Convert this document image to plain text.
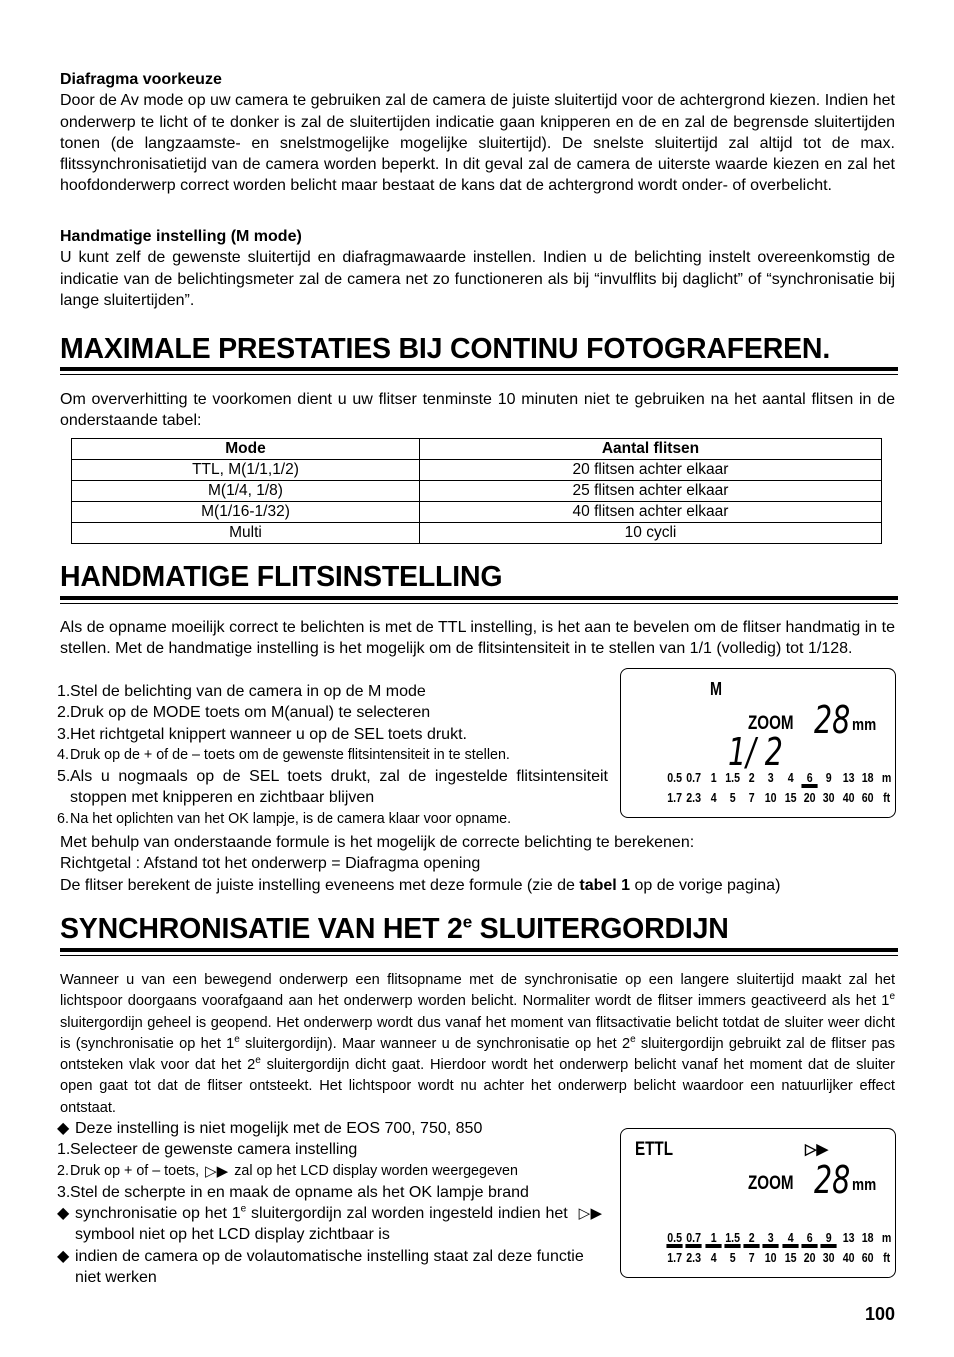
Diafragma voorkeuze
Door de Av mode op uw camera te gebruiken zal de camera de juiste sluitertijd voor de achtergrond kiezen. Indien het onderwerp te licht of te donker is zal de sluitertijden indicatie gaan knipperen en de en zal de begrensde sluitertijden tonen (de langzaamste- en snelstmogelijke mogelijke sluitertijd). De snelste sluitertijd zal altijd tot de max. flitssynchronisatietijd van de camera worden beperkt. In dit geval zal de camera de uiterste waarde kiezen en zal het hoofdonderwerp correct worden belicht maar bestaat de kans dat de achtergrond wordt onder- of overbelicht.
Handmatige instelling (M mode)
U kunt zelf de gewenste sluitertijd en diafragmawaarde instellen. Indien u de belichting instelt overeenkomstig de indicatie van de belichtingsmeter zal de camera net zo functioneren als bij “invulflits bij daglicht” of “synchronisatie bij lange sluitertijden”.
MAXIMALE PRESTATIES BIJ CONTINU FOTOGRAFEREN.
Om oververhitting te voorkomen dient u uw flitser tenminste 10 minuten niet te gebruiken na het aantal flitsen in de onderstaande tabel:
Mode	Aantal flitsen
TTL, M(1/1,1/2)	20 flitsen achter elkaar
M(1/4, 1/8)	25 flitsen achter elkaar
M(1/16-1/32)	40 flitsen achter elkaar
Multi	10 cycli
HANDMATIGE FLITSINSTELLING
Als de opname moeilijk correct te belichten is met de TTL instelling, is het aan te bevelen om de flitser handmatig in te stellen. Met de handmatige instelling is het mogelijk om de flitsintensiteit in te stellen van 1/1 (volledig) tot 1/128.
1. Stel de belichting van de camera in op de M mode
2. Druk op de MODE toets om M(anual) te selecteren
3. Het richtgetal knippert wanneer u op de SEL toets drukt.
4. Druk op de + of de – toets om de gewenste flitsintensiteit in te stellen.
5. Als u nogmaals op de SEL toets drukt, zal de ingestelde flitsintensiteit stoppen met knipperen en zichtbaar blijven
6. Na het oplichten van het OK lampje, is de camera klaar voor opname.
M
ZOOM 28 mm
1/ 2
0.5 0.7 1 1.5 2	3	4	6	9 13 18 m
1.7 2.3 4	5	7 10 15 20 30 40 60 ft
Met behulp van onderstaande formule is het mogelijk de correcte belichting te berekenen:
Richtgetal : Afstand tot het onderwerp = Diafragma opening
De flitser berekent de juiste instelling eveneens met deze formule (zie de tabel 1 op de vorige pagina)
SYNCHRONISATIE VAN HET 2e SLUITERGORDIJN
Wanneer u van een bewegend onderwerp een flitsopname met de synchronisatie op een langere sluitertijd maakt zal het lichtspoor doorgaans voorafgaand aan het onderwerp worden belicht. Normaliter wordt de flitser immers geactiveerd als het 1e sluitergordijn geheel is geopend. Het onderwerp wordt dus vanaf het moment van flitsactivatie belicht totdat de sluiter weer dicht is (synchronisatie op het 1e sluitergordijn). Maar wanneer u de synchronisatie op het 2e sluitergordijn gebruikt zal de flitser pas ontsteken vlak voor dat het 2e sluitergordijn dicht gaat. Hierdoor wordt het onderwerp belicht vanaf het moment dat de sluiter open gaat tot dat de flitser ontsteekt. Het lichtspoor wordt nu achter het onderwerp belicht waardoor een natuurlijker effect ontstaat.
◆ Deze instelling is niet mogelijk met de EOS 700, 750, 850
1. Selecteer de gewenste camera instelling
2. Druk op + of – toets, ▷▶ zal op het LCD display worden weergegeven
3. Stel de scherpte in en maak de opname als het OK lampje brand
◆ synchronisatie op het 1e sluitergordijn zal worden ingesteld indien het ▷▶ symbool niet op het LCD display zichtbaar is
◆ indien de camera op de volautomatische instelling staat zal deze functie niet werken
ETTL	▷▶
ZOOM 28 mm
0.5 0.7 1 1.5 2	3	4	6	9 13 18 m
1.7 2.3 4	5	7 10 15 20 30 40 60 ft
100
